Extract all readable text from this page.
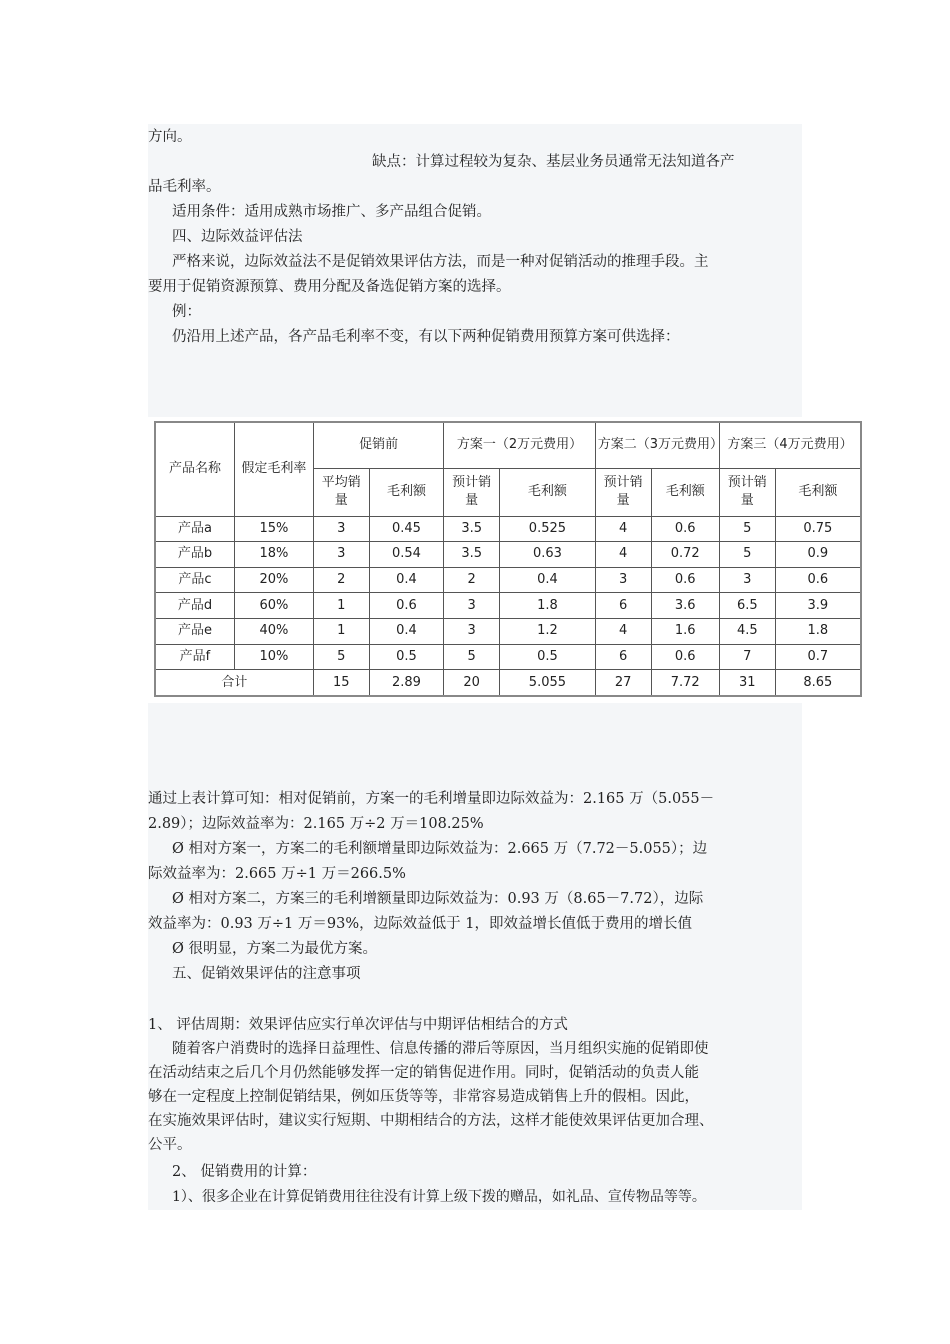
方向。
缺点：计算过程较为复杂、基层业务员通常无法知道各产
品毛利率。
适用条件：适用成熟市场推广、多产品组合促销。
四、边际效益评估法
严格来说，边际效益法不是促销效果评估方法，而是一种对促销活动的推理手段。主
要用于促销资源预算、费用分配及备选促销方案的选择。
例：
仍沿用上述产品，各产品毛利率不变，有以下两种促销费用预算方案可供选择：
产品名称	假定毛利率	促销前		方案一（2万元费用）		方案二（3万元费用）		方案三（4万元费用）	
		平均销量	毛利额	预计销量	毛利额	预计销量	毛利额	预计销量	毛利额
产品a	15%	3	0.45	3.5	0.525	4	0.6	5	0.75
产品b	18%	3	0.54	3.5	0.63	4	0.72	5	0.9
产品c	20%	2	0.4	2	0.4	3	0.6	3	0.6
产品d	60%	1	0.6	3	1.8	6	3.6	6.5	3.9
产品e	40%	1	0.4	3	1.2	4	1.6	4.5	1.8
产品f	10%	5	0.5	5	0.5	6	0.6	7	0.7
合计		15	2.89	20	5.055	27	7.72	31	8.65
通过上表计算可知：相对促销前，方案一的毛利增量即边际效益为：2.165 万（5.055－
2.89）；边际效益率为：2.165 万÷2 万＝108.25%
Ø 相对方案一，方案二的毛利额增量即边际效益为：2.665 万（7.72－5.055）；边
际效益率为：2.665 万÷1 万＝266.5%
Ø 相对方案二，方案三的毛利增额量即边际效益为：0.93 万（8.65－7.72），边际
效益率为：0.93 万÷1 万＝93%，边际效益低于 1，即效益增长值低于费用的增长值
Ø 很明显，方案二为最优方案。
五、促销效果评估的注意事项
1、 评估周期：效果评估应实行单次评估与中期评估相结合的方式
随着客户消费时的选择日益理性、信息传播的滞后等原因，当月组织实施的促销即使
在活动结束之后几个月仍然能够发挥一定的销售促进作用。同时，促销活动的负责人能
够在一定程度上控制促销结果，例如压货等等，非常容易造成销售上升的假相。因此，
在实施效果评估时，建议实行短期、中期相结合的方法，这样才能使效果评估更加合理、
公平。
2、 促销费用的计算：
1）、很多企业在计算促销费用往往没有计算上级下拨的赠品，如礼品、宣传物品等等。
